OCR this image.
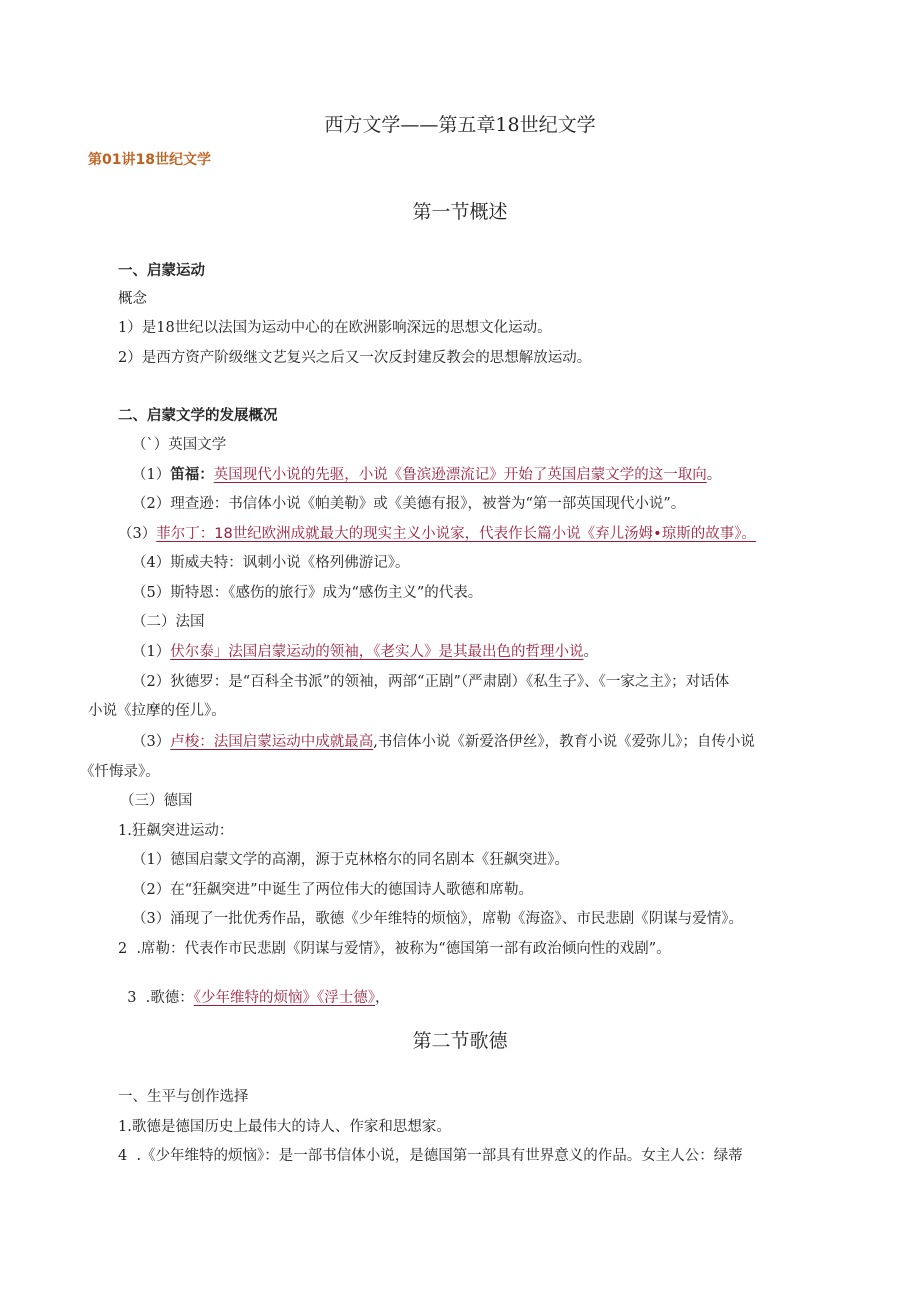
西方文学——第五章18世纪文学
第01讲18世纪文学
第一节概述
一、启蒙运动
概念
1）是18世纪以法国为运动中心的在欧洲影响深远的思想文化运动。
2）是西方资产阶级继文艺复兴之后又一次反封建反教会的思想解放运动。
二、启蒙文学的发展概况
（`）英国文学
（1）笛福：英国现代小说的先驱，小说《鲁滨逊漂流记》开始了英国启蒙文学的这一取向。
（2）理查逊：书信体小说《帕美勒》或《美德有报》，被誉为“第一部英国现代小说”。
（3）菲尔丁：18世纪欧洲成就最大的现实主义小说家，代表作长篇小说《弃儿汤姆•琼斯的故事》。
（4）斯威夫特：讽刺小说《格列佛游记》。
（5）斯特恩：《感伤的旅行》成为“感伤主义”的代表。
（二）法国
（1）伏尔泰」法国启蒙运动的领袖，《老实人》是其最出色的哲理小说。
（2）狄德罗：是“百科全书派”的领袖，两部“正剧”（严肃剧）《私生子》、《一家之主》；对话体
小说《拉摩的侄儿》。
（3）卢梭：法国启蒙运动中成就最高,书信体小说《新爱洛伊丝》，教育小说《爱弥儿》；自传小说
《忏悔录》。
（三）德国
1.狂飙突进运动：
（1）德国启蒙文学的高潮，源于克林格尔的同名剧本《狂飙突进》。
（2）在“狂飙突进”中诞生了两位伟大的德国诗人歌德和席勒。
（3）涌现了一批优秀作品，歌德《少年维特的烦恼》，席勒《海盗》、市民悲剧《阴谋与爱情》。
2  .席勒：代表作市民悲剧《阴谋与爱情》，被称为“德国第一部有政治倾向性的戏剧”。

3  .歌德：《少年维特的烦恼》《浮士德》，

第二节歌德
一、生平与创作选择
1.歌德是德国历史上最伟大的诗人、作家和思想家。
4  .《少年维特的烦恼》：是一部书信体小说，是德国第一部具有世界意义的作品。女主人公：绿蒂
